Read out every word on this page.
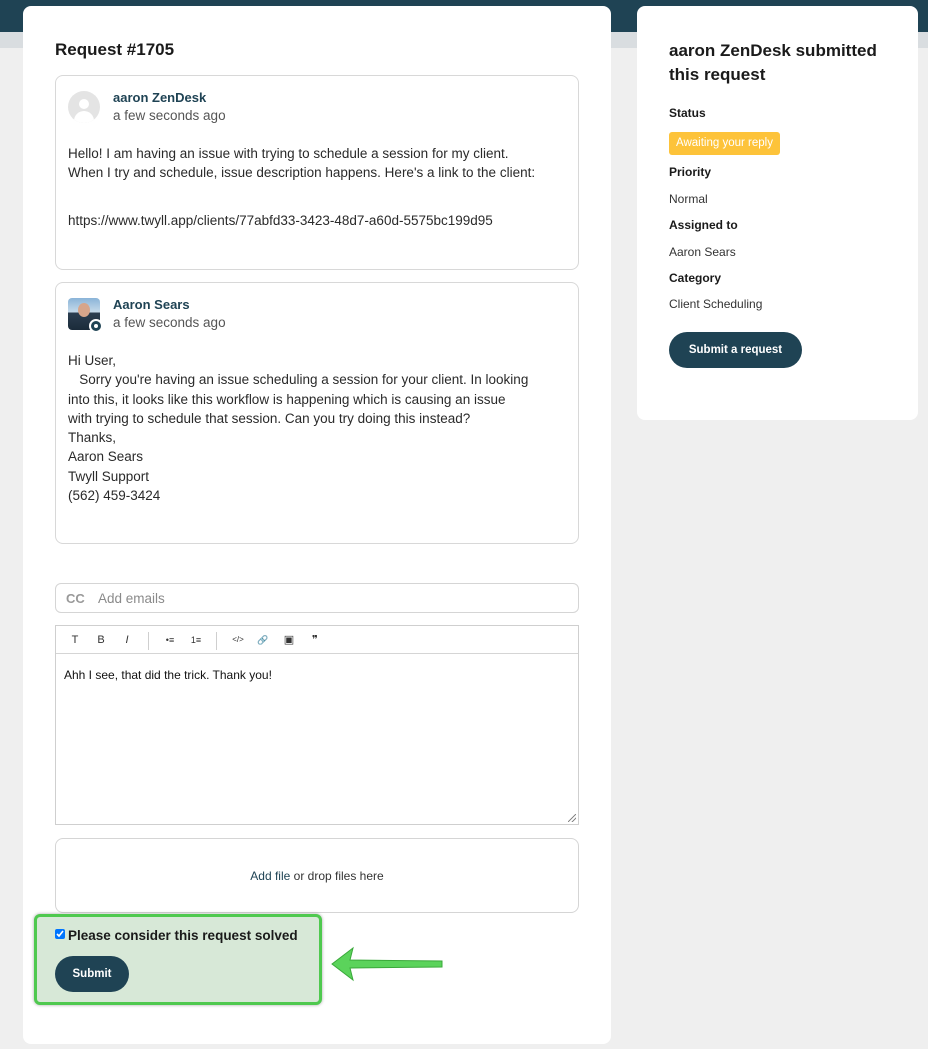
Request #1705
aaron ZenDesk
a few seconds ago

Hello! I am having an issue with trying to schedule a session for my client.

When I try and schedule, issue description happens. Here's a link to the client:

https://www.twyll.app/clients/77abfd33-3423-48d7-a60d-5575bc199d95

Aaron Sears
a few seconds ago

Hi User,

Sorry you're having an issue scheduling a session for your client. In looking

into this, it looks like this workflow is happening which is causing an issue

with trying to schedule that session. Can you try doing this instead?

Thanks,

Aaron Sears

Twyll Support

(562) 459-3424

CC
Add emails
T	B	I	•≡	1≡	</> 🔗 ▣	❞
Ahh I see, that did the trick. Thank you!
Add file or drop files here
Please consider this request solved
Submit
aaron ZenDesk submitted this request
Status
Awaiting your reply
Priority
Normal
Assigned to
Aaron Sears
Category
Client Scheduling
Submit a request
